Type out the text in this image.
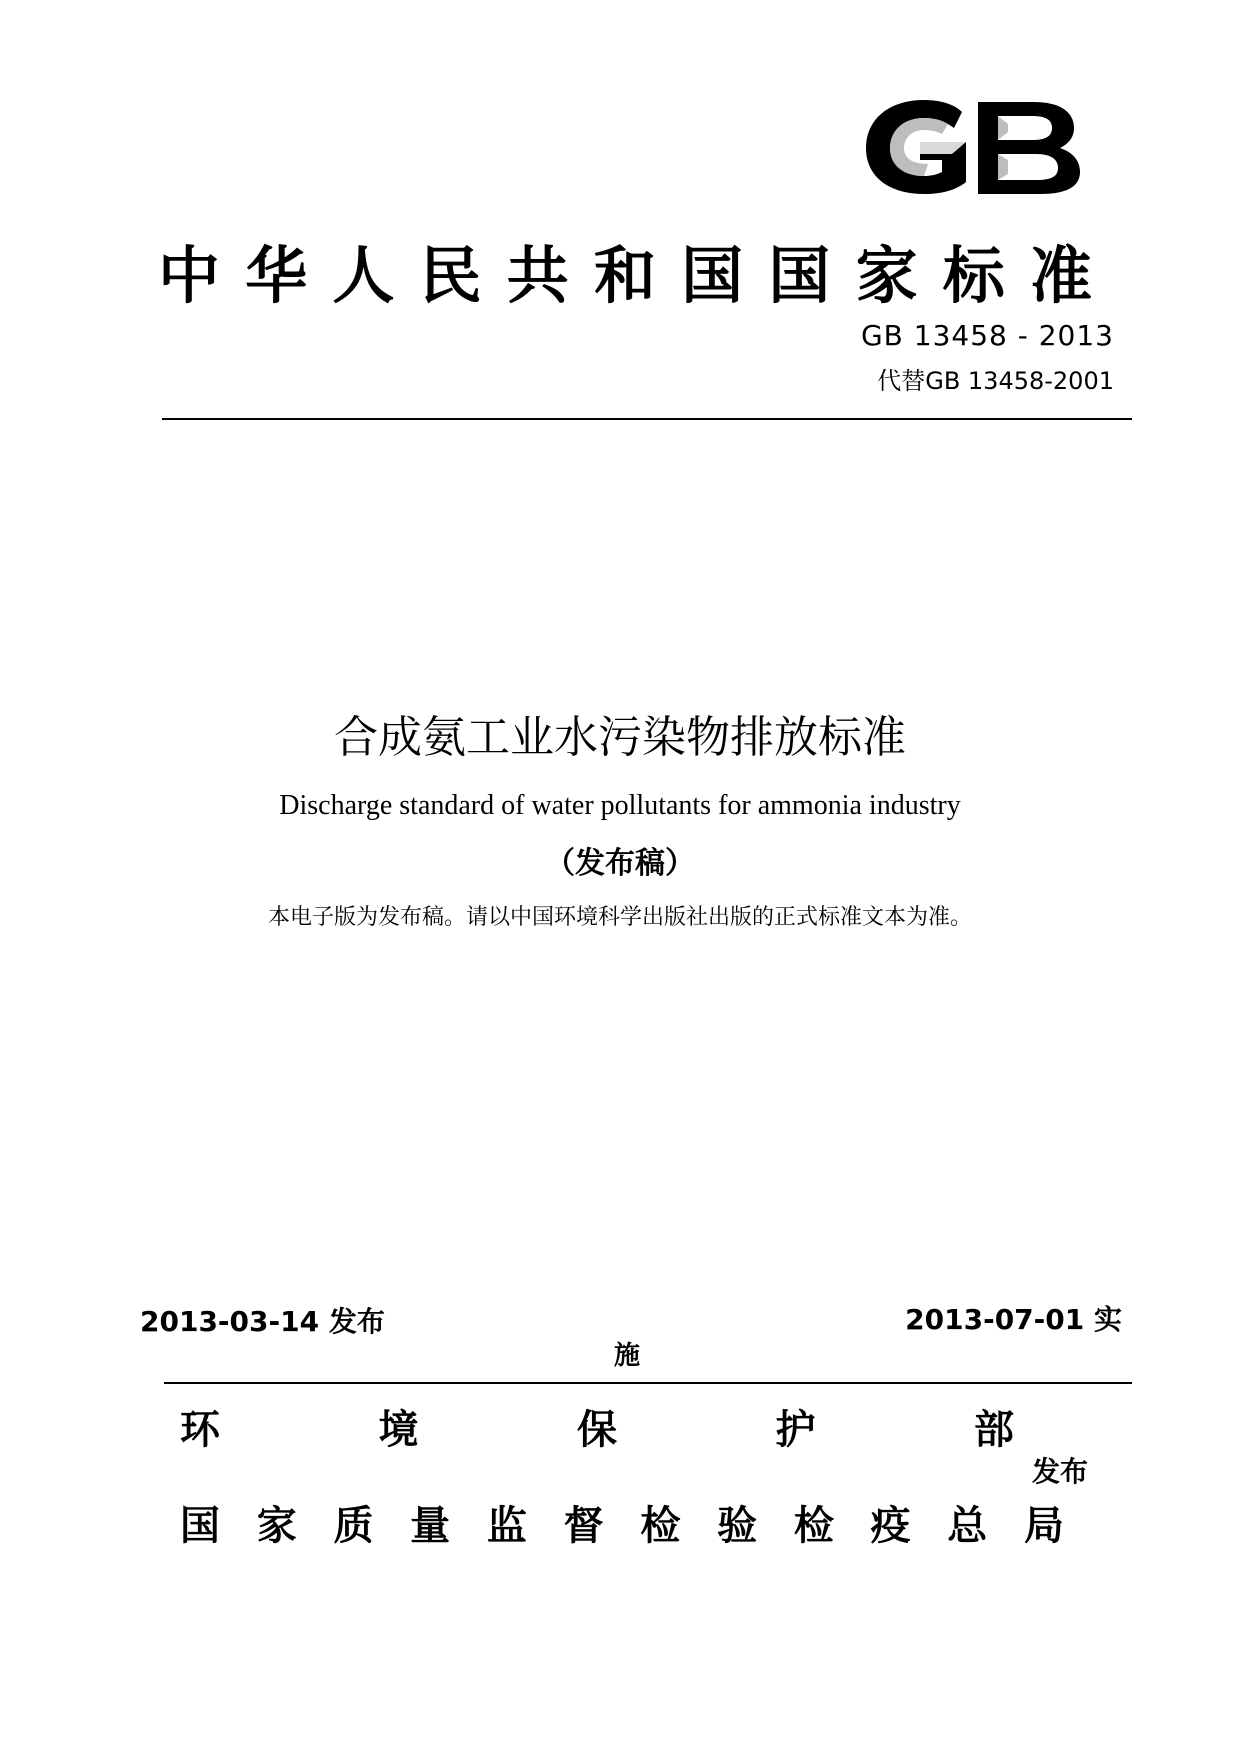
中华人民共和国国家标准
GB 13458 - 2013
代替GB 13458-2001
合成氨工业水污染物排放标准
Discharge standard of water pollutants for ammonia industry
（发布稿）
本电子版为发布稿。请以中国环境科学出版社出版的正式标准文本为准。
2013-03-14 发布	2013-07-01 实
施
环 境 保 护 部
发布
国家质量监督检验检疫总局
